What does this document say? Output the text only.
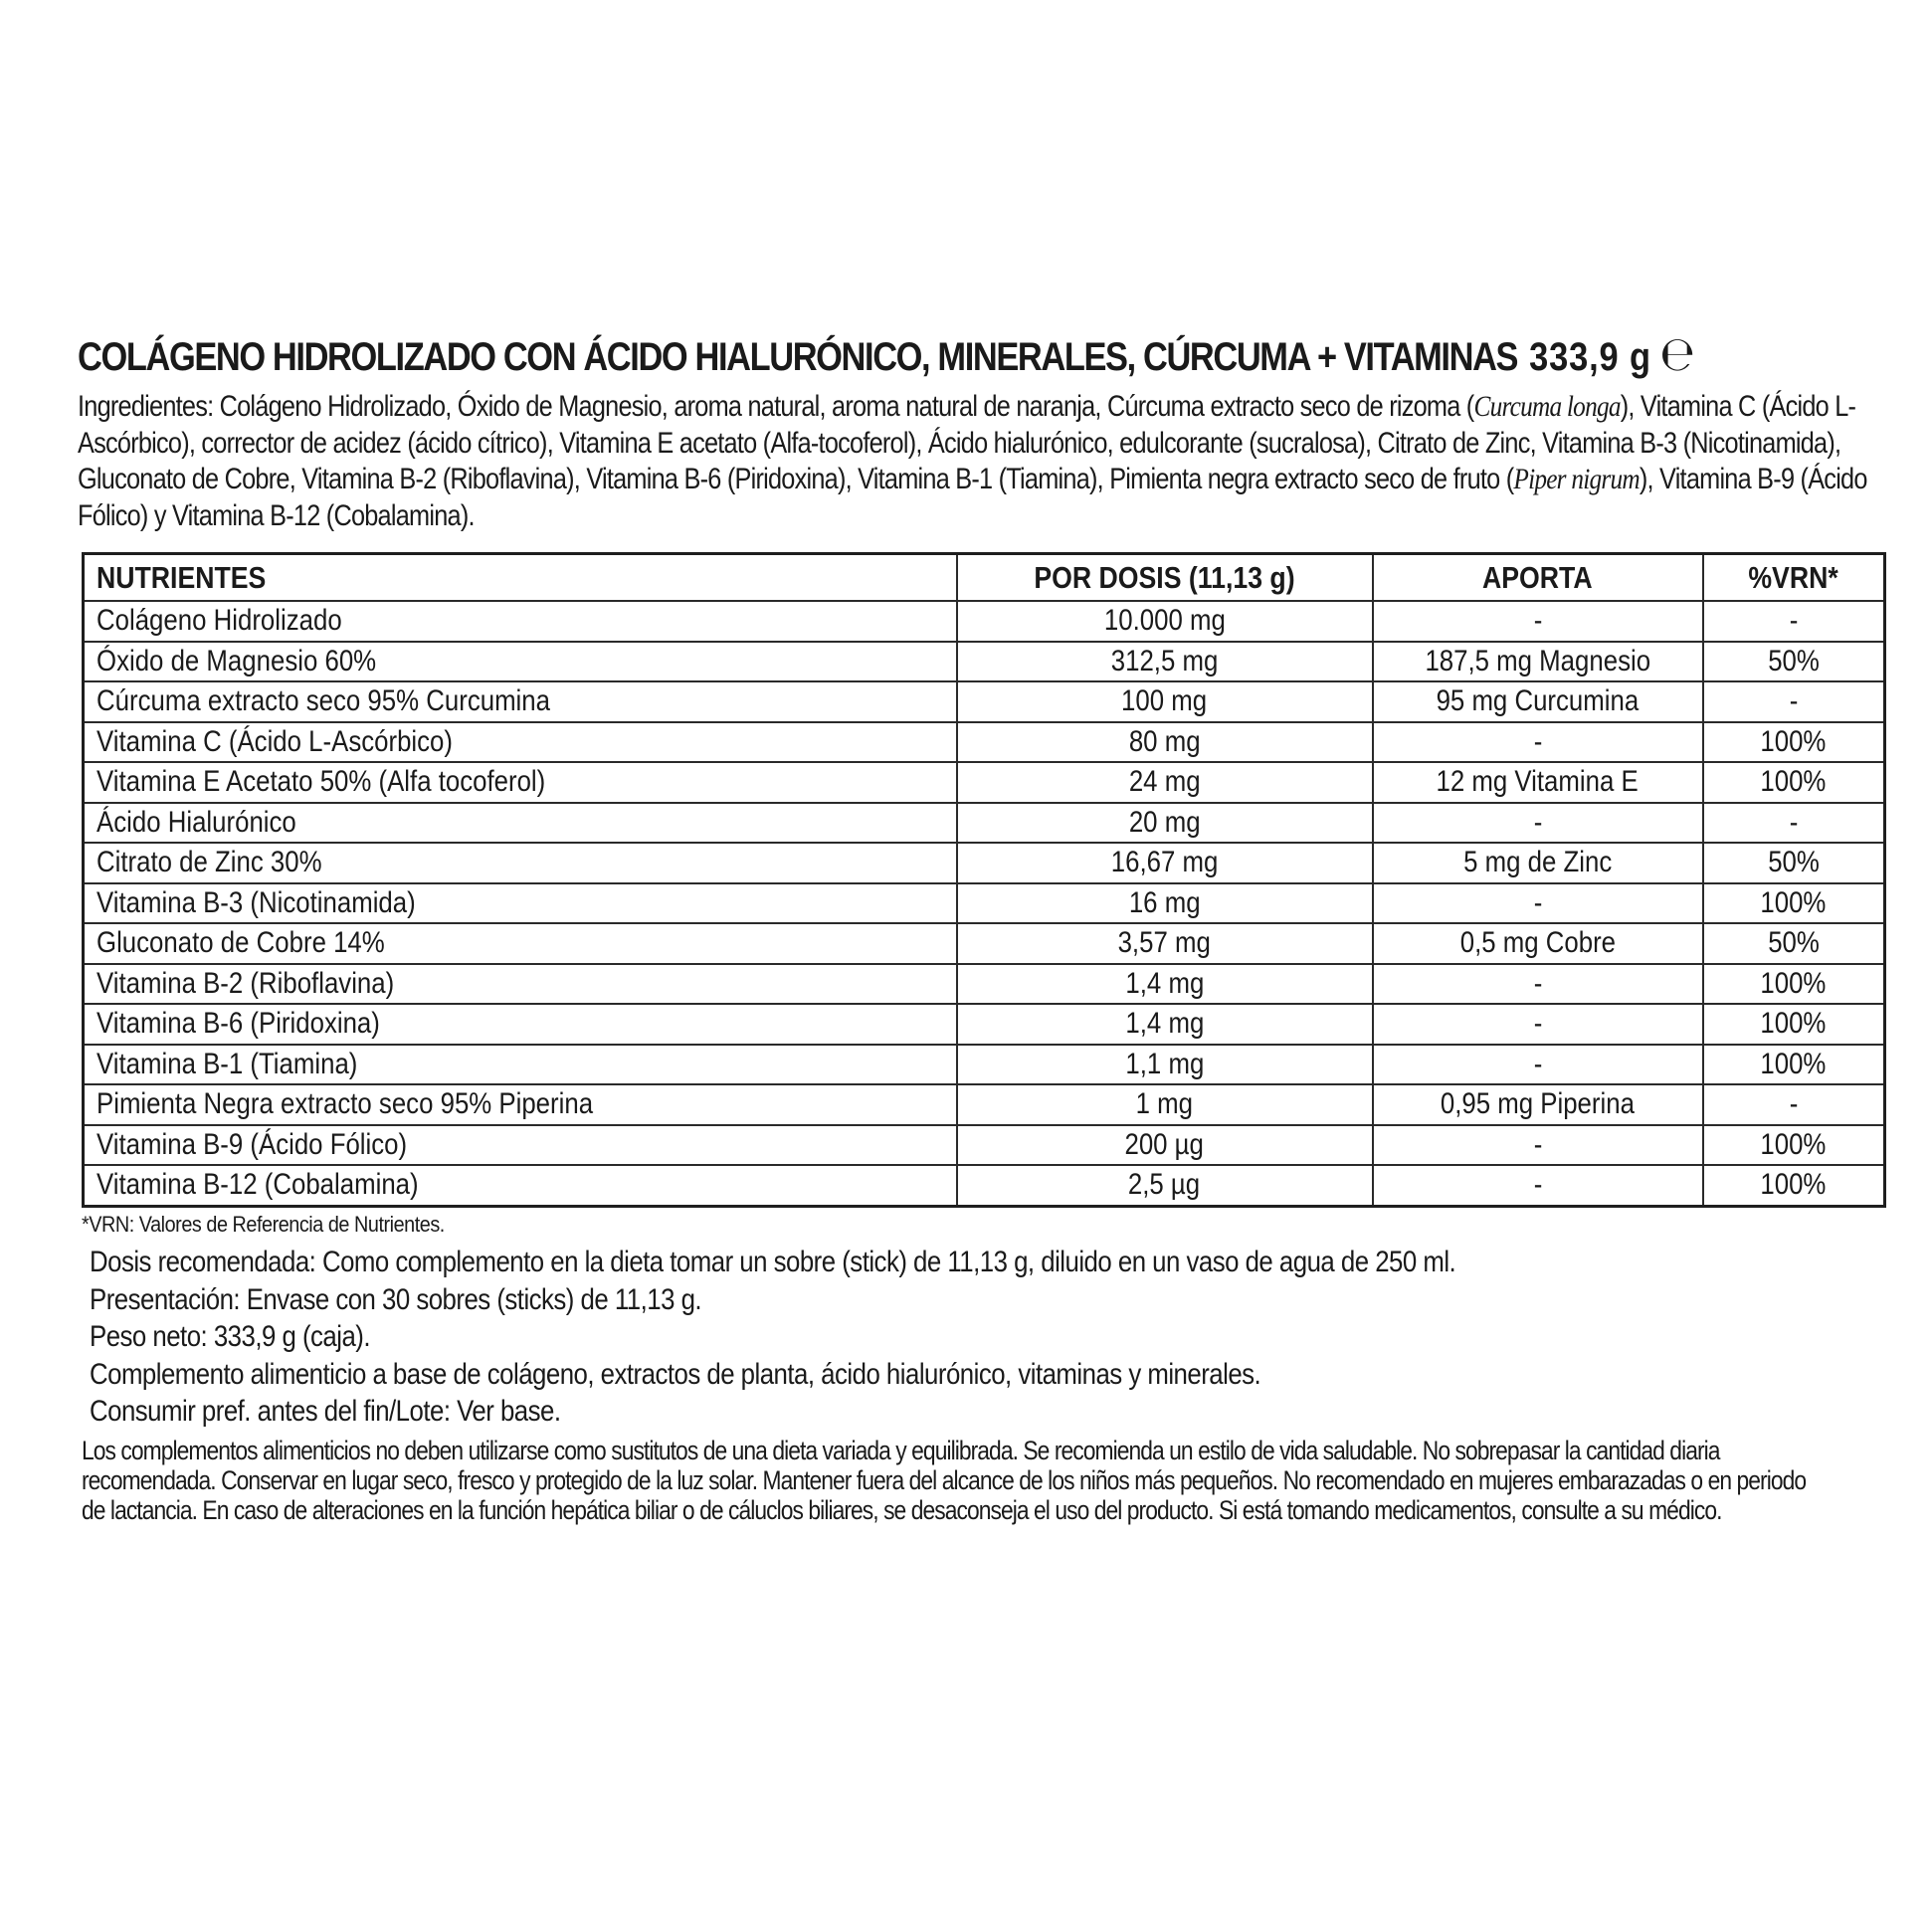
COLÁGENO HIDROLIZADO CON ÁCIDO HIALURÓNICO, MINERALES, CÚRCUMA + VITAMINAS 333,9 g ℮
Ingredientes: Colágeno Hidrolizado, Óxido de Magnesio, aroma natural, aroma natural de naranja, Cúrcuma extracto seco de rizoma (Curcuma longa), Vitamina C (Ácido L-Ascórbico), corrector de acidez (ácido cítrico), Vitamina E acetato (Alfa-tocoferol), Ácido hialurónico, edulcorante (sucralosa), Citrato de Zinc, Vitamina B-3 (Nicotinamida), Gluconato de Cobre, Vitamina B-2 (Riboflavina), Vitamina B-6 (Piridoxina), Vitamina B-1 (Tiamina), Pimienta negra extracto seco de fruto (Piper nigrum), Vitamina B-9 (Ácido Fólico) y Vitamina B-12 (Cobalamina).
NUTRIENTES	POR DOSIS (11,13 g)	APORTA	%VRN*
Colágeno Hidrolizado	10.000 mg	-	-
Óxido de Magnesio 60%	312,5 mg	187,5 mg Magnesio	50%
Cúrcuma extracto seco 95% Curcumina	100 mg	95 mg Curcumina	-
Vitamina C (Ácido L-Ascórbico)	80 mg	-	100%
Vitamina E Acetato 50% (Alfa tocoferol)	24 mg	12 mg Vitamina E	100%
Ácido Hialurónico	20 mg	-	-
Citrato de Zinc 30%	16,67 mg	5 mg de Zinc	50%
Vitamina B-3 (Nicotinamida)	16 mg	-	100%
Gluconato de Cobre 14%	3,57 mg	0,5 mg Cobre	50%
Vitamina B-2 (Riboflavina)	1,4 mg	-	100%
Vitamina B-6 (Piridoxina)	1,4 mg	-	100%
Vitamina B-1 (Tiamina)	1,1 mg	-	100%
Pimienta Negra extracto seco 95% Piperina	1 mg	0,95 mg Piperina	-
Vitamina B-9 (Ácido Fólico)	200 µg	-	100%
Vitamina B-12 (Cobalamina)	2,5 µg	-	100%
*VRN: Valores de Referencia de Nutrientes.
Dosis recomendada: Como complemento en la dieta tomar un sobre (stick) de 11,13 g, diluido en un vaso de agua de 250 ml.
Presentación: Envase con 30 sobres (sticks) de 11,13 g.
Peso neto: 333,9 g (caja).
Complemento alimenticio a base de colágeno, extractos de planta, ácido hialurónico, vitaminas y minerales.
Consumir pref. antes del fin/Lote: Ver base.
Los complementos alimenticios no deben utilizarse como sustitutos de una dieta variada y equilibrada. Se recomienda un estilo de vida saludable. No sobrepasar la cantidad diaria recomendada. Conservar en lugar seco, fresco y protegido de la luz solar. Mantener fuera del alcance de los niños más pequeños. No recomendado en mujeres embarazadas o en periodo de lactancia. En caso de alteraciones en la función hepática biliar o de cáluclos biliares, se desaconseja el uso del producto. Si está tomando medicamentos, consulte a su médico.
